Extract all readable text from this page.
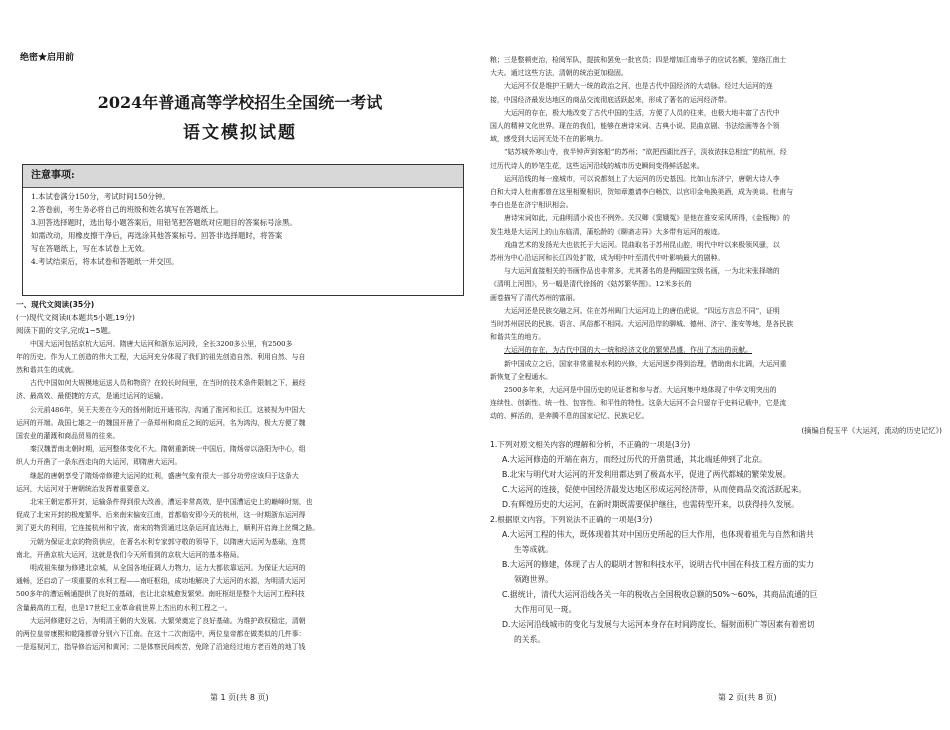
绝密★启用前
2024年普通高等学校招生全国统一考试
语文模拟试题
注意事项:
1.本试卷满分150分，考试时间150分钟。
2.答卷前，考生务必将自己的班级和姓名填写在答题纸上。
3.回答选择题时，选出每小题答案后，用铅笔把答题纸对应题目的答案标号涂黑。
如需改动，用橡皮擦干净后，再选涂其他答案标号。回答非选择题时，将答案
写在答题纸上，写在本试卷上无效。
4.考试结束后，将本试卷和答题纸一并交回。

一、现代文阅读(35分)

(一)现代文阅读Ⅰ(本题共5小题,19分)

阅读下面的文字,完成1~5题。

中国大运河包括京杭大运河、隋唐大运河和浙东运河段，全长3200多公里，有2500多

年的历史。作为人工创造的伟大工程，大运河充分体现了我们的祖先创造自然、利用自然、与自

然和谐共生的成就。

古代中国如何大规模地运送人员和物资？在较长时间里，在当时的技术条件限制之下，最经

济、最高效、最便捷的方式，是通过运河的运输。

公元前486年，吴王夫差在今天的扬州附近开通邗沟，沟通了淮河和长江，这被视为中国大

运河的开端。战国七雄之一的魏国开凿了一条郑州和商丘之间的运河，名为鸿沟，极大方便了魏

国农业的灌溉和商品贸易的往来。

秦汉魏晋南北朝时期，运河整体变化不大。隋朝重新统一中国后，隋炀帝以洛阳为中心，组

织人力开凿了一条东西走向的大运河，即隋唐大运河。

继起的唐朝享受了隋炀帝修建大运河的红利，盛唐气象有很大一部分功劳应该归于这条大

运河，大运河对于唐朝统治发挥着重要意义。

北宋王朝定都开封，运输条件得到很大改善，漕运非常高效，是中国漕运史上的巅峰时刻，也

促成了北宋开封的极度繁华。后来南宋偏安江南，首都临安即今天的杭州，这一时期浙东运河得

到了更大的利用，它连接杭州和宁波，南宋的物资通过这条运河直达海上，顺利开启海上丝绸之路。

元朝为保证北京的物资供应，在著名水利专家郭守敬的领导下，以隋唐大运河为基础，连贯

南北，开凿京杭大运河，这就是我们今天所看到的京杭大运河的基本格局。

明成祖朱棣为修建北京城，从全国各地征调人力物力，运力大都依靠运河。为保证大运河的

通畅，还启动了一项重要的水利工程——南旺枢纽，成功地解决了大运河的水源，为明清大运河

500多年的漕运畅通提供了良好的基础，也让北京城愈发繁荣。南旺枢纽是整个大运河工程科技

含量最高的工程，也是17世纪工业革命前世界上杰出的水利工程之一。

大运河修建好之后，为明清王朝的大发展、大繁荣奠定了良好基础。为维护政权稳定，清朝

的两位皇帝康熙和乾隆都曾分别六下江南。在这十二次南巡中，两位皇帝都在做类似的几件事：

一是巡视河工，指导修治运河和黄河；二是体察民间疾苦，免除了沿途经过地方老百姓的地丁钱

第 1 页(共 8 页)

粮；三是整顿吏治，检阅军队，提拔和罢免一批官员；四是增加江南举子的应试名额，笼络江南士

大夫。通过这些方法，清朝的统治更加稳固。

大运河不仅是维护王朝大一统的政治之河，也是古代中国经济的大动脉。经过大运河的连

接，中国经济最发达地区的商品交流彻底活跃起来，形成了著名的运河经济带。

大运河的存在，极大地改变了古代中国的生活，方便了人员的往来，也极大地丰富了古代中

国人的精神文化世界。现在的我们，能够在唐诗宋词、古典小说、昆曲京剧、书法绘画等各个领

域，感受到大运河无处不在的影响力。

“姑苏城外寒山寺，夜半钟声到客船”的苏州；“欲把西湖比西子，淡妆浓抹总相宜”的杭州，经

过历代诗人的妙笔生花，这些运河沿线的城市历史瞬间变得鲜活起来。

运河沿线的每一座城市，可以说都刻上了大运河的历史基因。比如山东济宁，唐朝大诗人李

白和大诗人杜甫都曾在这里相聚相识，贺知章邀请李白畅饮，以官印金龟换美酒，成为美谈。杜甫与

李白也是在济宁相识相会。

唐诗宋词如此，元曲明清小说也不例外。关汉卿《窦娥冤》是他在淮安采风所得，《金瓶梅》的

发生地是大运河上的山东临清，蒲松龄的《聊斋志异》大多带有运河的痕迹。

戏曲艺术的发扬光大也依托于大运河。昆曲取名于苏州昆山腔，明代中叶以来极领风骚，以

苏州为中心沿运河和长江四处扩散，成为明中叶至清代中叶影响最大的剧种。

与大运河直接相关的书画作品也非常多，尤其著名的是两幅国宝级名画，一为北宋张择端的

《清明上河图》，另一幅是清代徐扬的《姑苏繁华图》。12米多长的

画卷描写了清代苏州的富丽。

大运河还是民族交融之河。住在苏州阊门大运河边上的唐伯虎说，“四远方言总不同”，证明

当时苏州居民的民族、语言、风俗都不相同。大运河沿岸的聊城、德州、济宁、淮安等地，是各民族

和谐共生的地方。

大运河的存在，为古代中国的大一统和经济文化的繁荣昌盛，作出了杰出的贡献。

新中国成立之后，国家非常重视水利的兴修，大运河逐步得到治理，借助南水北调，大运河重

新恢复了全程通水。

2500多年来，大运河是中国历史的见证者和参与者。大运河集中地体现了中华文明突出的

连续性、创新性、统一性、包容性、和平性的特性。这条大运河不会只留存于史料记载中，它是流

动的、鲜活的，是奔腾不息的国家记忆、民族记忆。

(摘编自倪玉平《大运河，流动的历史记忆》)

1.下列对原文相关内容的理解和分析，不正确的一项是(3分)

A.大运河修造的开端在南方，而经过历代的开凿贯通，其北端延伸到了北京。

B.北宋与明代对大运河的开发利用都达到了极高水平，促进了两代都城的繁荣发展。

C.大运河的连接，促使中国经济最发达地区形成运河经济带，从而使商品交流活跃起来。

D.有辉煌历史的大运河，在新时期既需要保护继往，也需转型开来，以获得持久发展。

2.根据原文内容，下列说法不正确的一项是(3分)

A.大运河工程的伟大，既体现着其对中国历史所起的巨大作用，也体现着祖先与自然和谐共

生等成就。

B.大运河的修建，体现了古人的聪明才智和科技水平，说明古代中国在科技工程方面的实力

领跑世界。

C.据统计，清代大运河沿线各关一年的税收占全国税收总额的50%～60%，其商品流通的巨

大作用可见一斑。

D.大运河沿线城市的变化与发展与大运河本身存在时间跨度长、辐射面积广等因素有着密切

的关系。

第 2 页(共 8 页)
